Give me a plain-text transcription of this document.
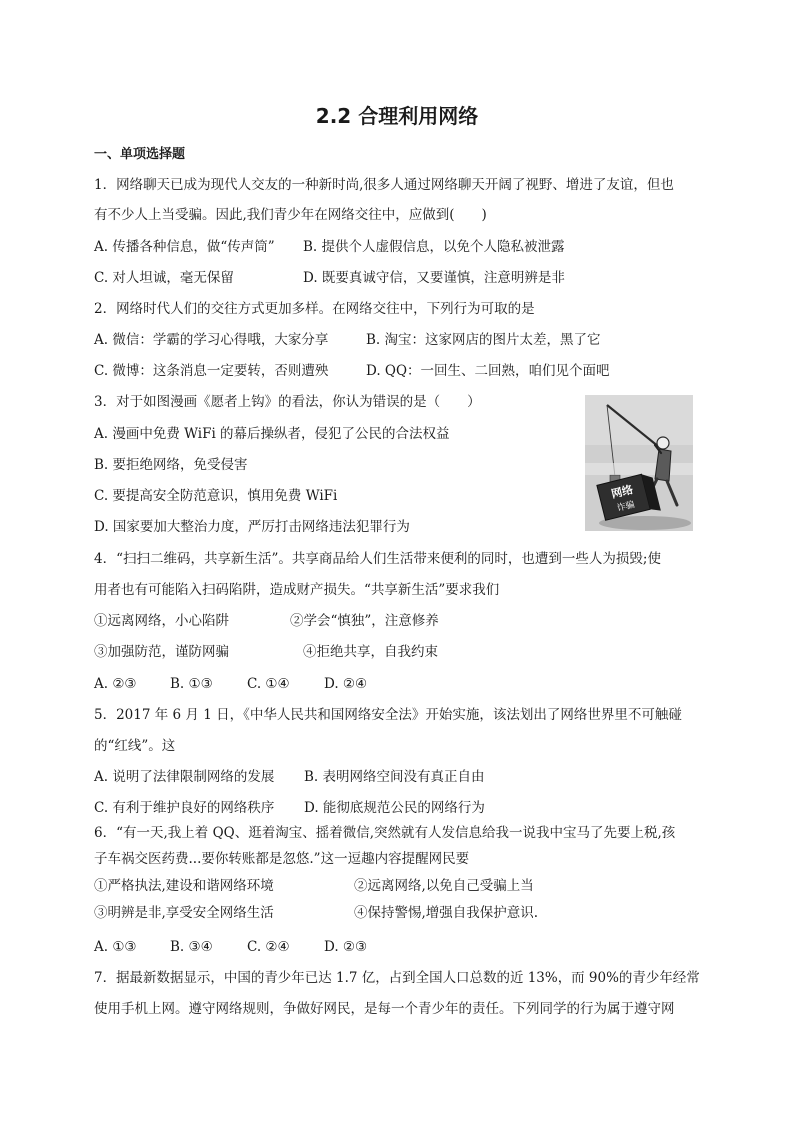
2.2 合理利用网络
一、单项选择题
1．网络聊天已成为现代人交友的一种新时尚,很多人通过网络聊天开阔了视野、增进了友谊，但也
有不少人上当受骗。因此,我们青少年在网络交往中，应做到(　　)
A. 传播各种信息，做“传声筒” B. 提供个人虚假信息，以免个人隐私被泄露
C. 对人坦诚，毫无保留	D. 既要真诚守信，又要谨慎，注意明辨是非
2．网络时代人们的交往方式更加多样。在网络交往中，下列行为可取的是
A. 微信：学霸的学习心得哦，大家分享	B. 淘宝：这家网店的图片太差，黑了它
C. 微博：这条消息一定要转，否则遭殃	D. QQ：一回生、二回熟，咱们见个面吧
3．对于如图漫画《愿者上钩》的看法，你认为错误的是（　　）
A. 漫画中免费 WiFi 的幕后操纵者，侵犯了公民的合法权益
B. 要拒绝网络，免受侵害
C. 要提高安全防范意识，慎用免费 WiFi
D. 国家要加大整治力度，严厉打击网络违法犯罪行为
网络
诈骗
4．“扫扫二维码，共享新生活”。共享商品给人们生活带来便利的同时，也遭到一些人为损毁;使
用者也有可能陷入扫码陷阱，造成财产损失。“共享新生活”要求我们
①远离网络，小心陷阱	②学会“慎独”，注意修养
③加强防范，谨防网骗	④拒绝共享，自我约束
A. ②③ B. ①③	C. ①④	D. ②④
5．2017 年 6 月 1 日，《中华人民共和国网络安全法》开始实施，该法划出了网络世界里不可触碰
的“红线”。这
A. 说明了法律限制网络的发展 B. 表明网络空间没有真正自由
C. 有利于维护良好的网络秩序 D. 能彻底规范公民的网络行为
6．“有一天,我上着 QQ、逛着淘宝、摇着微信,突然就有人发信息给我一说我中宝马了先要上税,孩
子车祸交医药费...要你转账都是忽悠.”这一逗趣内容提醒网民要
①严格执法,建设和谐网络环境	②远离网络,以免自己受骗上当
③明辨是非,享受安全网络生活	④保持警惕,增强自我保护意识.
A. ①③ B. ③④	C. ②④	D. ②③
7．据最新数据显示，中国的青少年已达 1.7 亿，占到全国人口总数的近 13%，而 90%的青少年经常
使用手机上网。遵守网络规则，争做好网民，是每一个青少年的责任。下列同学的行为属于遵守网
